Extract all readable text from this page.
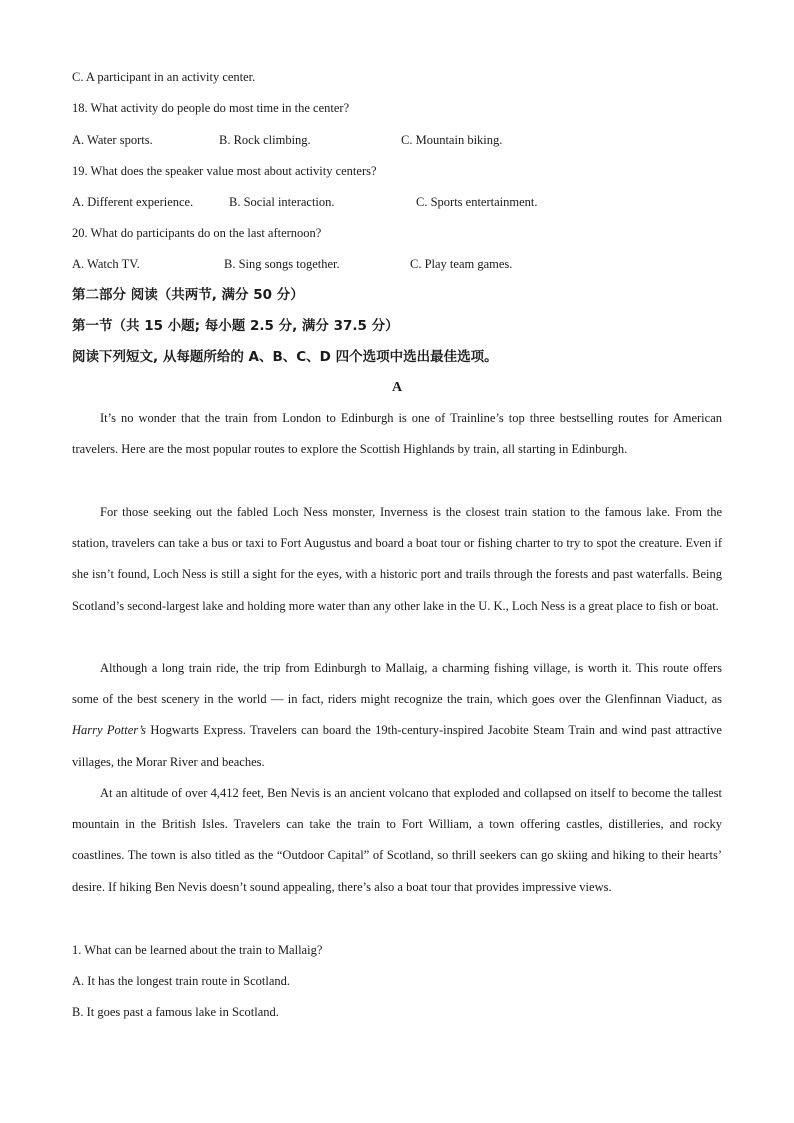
C. A participant in an activity center.
18. What activity do people do most time in the center?
A. Water sports.	B. Rock climbing.	C. Mountain biking.
19. What does the speaker value most about activity centers?
A. Different experience.	B. Social interaction.	C. Sports entertainment.
20. What do participants do on the last afternoon?
A. Watch TV.	B. Sing songs together.	C. Play team games.
第二部分 阅读（共两节, 满分 50 分）
第一节（共 15 小题; 每小题 2.5 分, 满分 37.5 分）
阅读下列短文, 从每题所给的 A、B、C、D 四个选项中选出最佳选项。
A
It’s no wonder that the train from London to Edinburgh is one of Trainline’s top three bestselling routes for American travelers. Here are the most popular routes to explore the Scottish Highlands by train, all starting in Edinburgh.
For those seeking out the fabled Loch Ness monster, Inverness is the closest train station to the famous lake. From the station, travelers can take a bus or taxi to Fort Augustus and board a boat tour or fishing charter to try to spot the creature. Even if she isn’t found, Loch Ness is still a sight for the eyes, with a historic port and trails through the forests and past waterfalls. Being Scotland’s second-largest lake and holding more water than any other lake in the U. K., Loch Ness is a great place to fish or boat.
Although a long train ride, the trip from Edinburgh to Mallaig, a charming fishing village, is worth it. This route offers some of the best scenery in the world — in fact, riders might recognize the train, which goes over the Glenfinnan Viaduct, as Harry Potter’s Hogwarts Express. Travelers can board the 19th-century-inspired Jacobite Steam Train and wind past attractive villages, the Morar River and beaches.
At an altitude of over 4,412 feet, Ben Nevis is an ancient volcano that exploded and collapsed on itself to become the tallest mountain in the British Isles. Travelers can take the train to Fort William, a town offering castles, distilleries, and rocky coastlines. The town is also titled as the “Outdoor Capital” of Scotland, so thrill seekers can go skiing and hiking to their hearts’ desire. If hiking Ben Nevis doesn’t sound appealing, there’s also a boat tour that provides impressive views.
1. What can be learned about the train to Mallaig?
A. It has the longest train route in Scotland.
B. It goes past a famous lake in Scotland.
